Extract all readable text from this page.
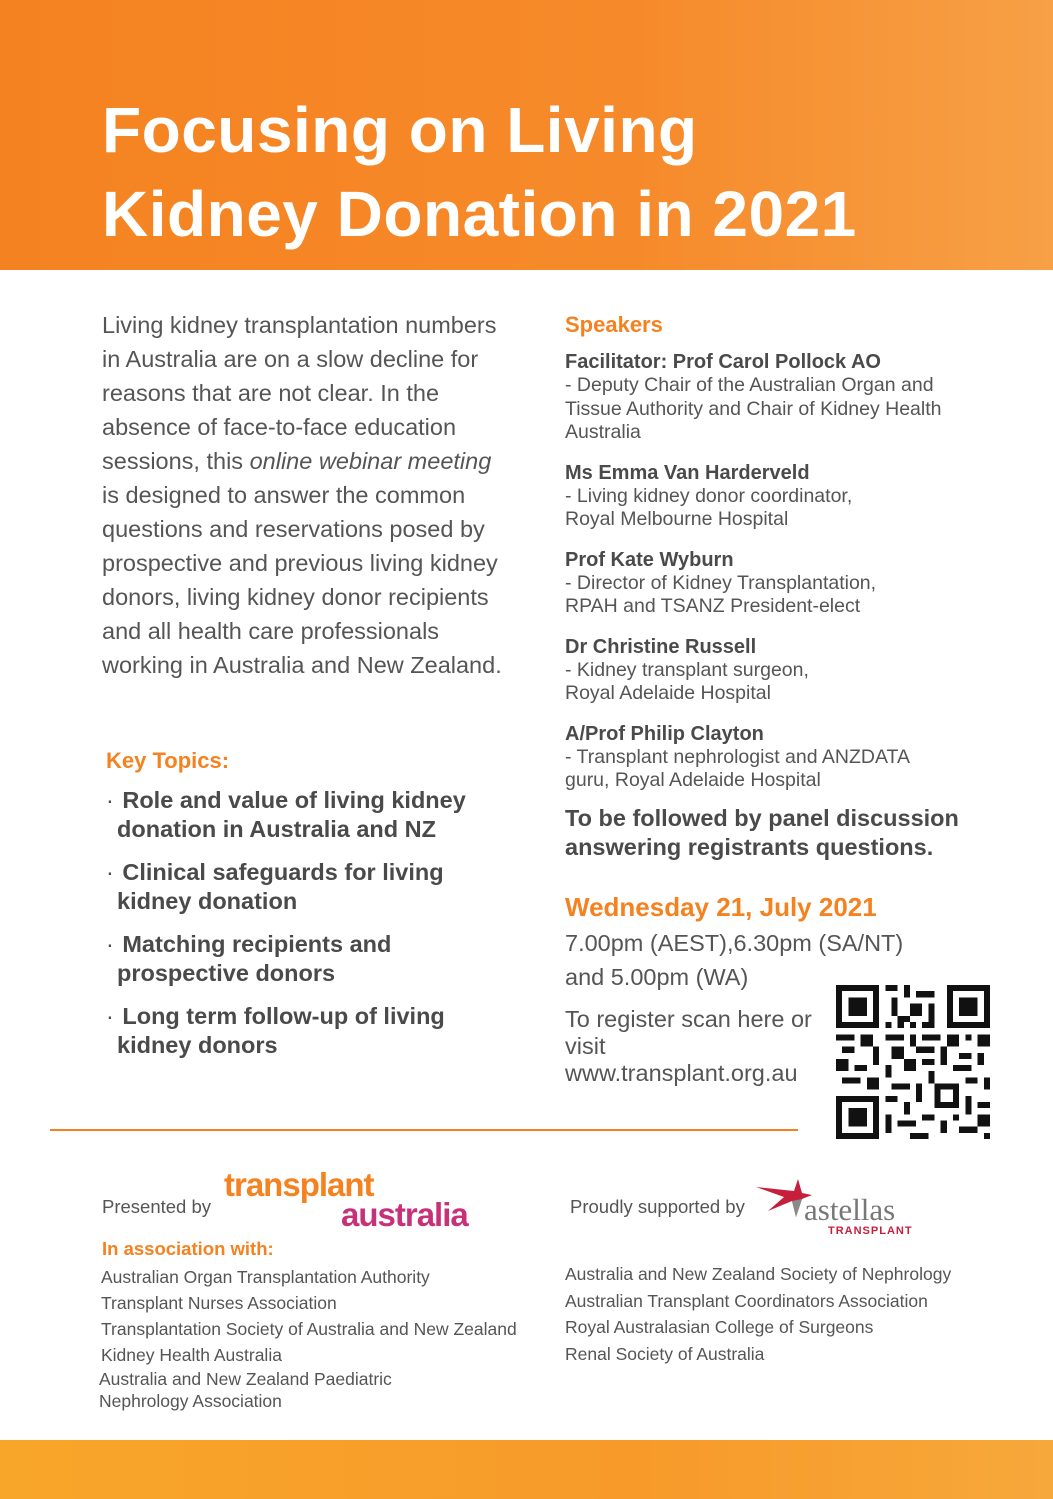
Focusing on Living
Kidney Donation in 2021

Living kidney transplantation numbers in Australia are on a slow decline for reasons that are not clear. In the absence of face-to-face education sessions, this online webinar meeting is designed to answer the common questions and reservations posed by prospective and previous living kidney donors, living kidney donor recipients and all health care professionals working in Australia and New Zealand.

Key Topics:
· Role and value of living kidney donation in Australia and NZ
· Clinical safeguards for living kidney donation
· Matching recipients and prospective donors
· Long term follow-up of living kidney donors
Speakers
Facilitator: Prof Carol Pollock AO
- Deputy Chair of the Australian Organ and Tissue Authority and Chair of Kidney Health Australia
Ms Emma Van Harderveld
- Living kidney donor coordinator, Royal Melbourne Hospital
Prof Kate Wyburn
- Director of Kidney Transplantation, RPAH and TSANZ President-elect
Dr Christine Russell
- Kidney transplant surgeon, Royal Adelaide Hospital
A/Prof Philip Clayton
- Transplant nephrologist and ANZDATA guru, Royal Adelaide Hospital

To be followed by panel discussion answering registrants questions.

Wednesday 21, July 2021

7.00pm (AEST),6.30pm (SA/NT) and 5.00pm (WA)

To register scan here or visit www.transplant.org.au

Presented by
transplant
australia	Proudly supported by astellas
TRANSPLANT
In association with:
Australian Organ Transplantation Authority
Transplant Nurses Association
Transplantation Society of Australia and New Zealand
Kidney Health Australia
Australia and New Zealand Paediatric Nephrology Association
Australia and New Zealand Society of Nephrology
Australian Transplant Coordinators Association
Royal Australasian College of Surgeons
Renal Society of Australia
